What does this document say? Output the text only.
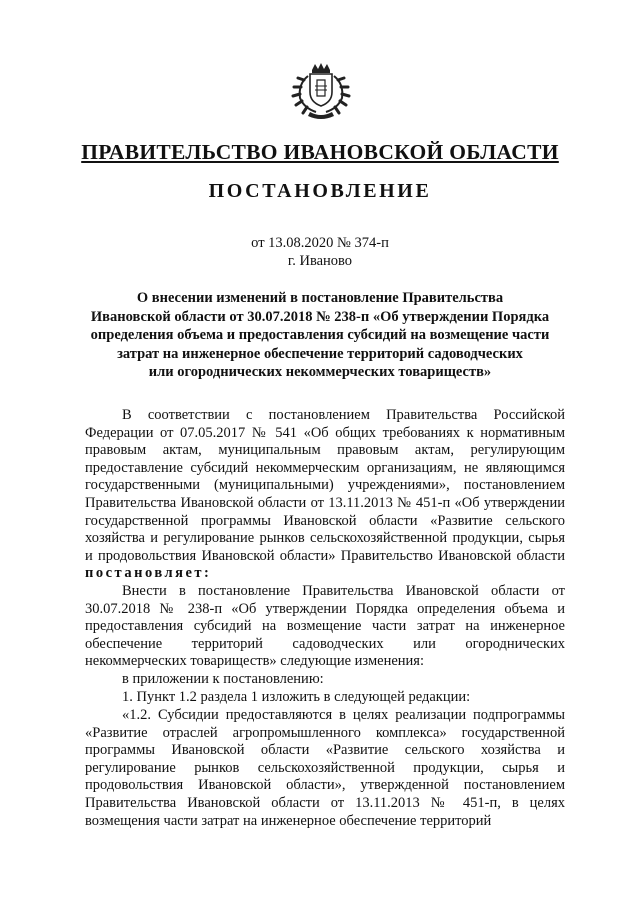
ПРАВИТЕЛЬСТВО ИВАНОВСКОЙ ОБЛАСТИ
ПОСТАНОВЛЕНИЕ
от 13.08.2020 № 374-п
г. Иваново
О внесении изменений в постановление Правительства
Ивановской области от 30.07.2018 № 238-п «Об утверждении Порядка
определения объема и предоставления субсидий на возмещение части
затрат на инженерное обеспечение территорий садоводческих
или огороднических некоммерческих товариществ»
В соответствии с постановлением Правительства Российской Федерации от 07.05.2017 № 541 «Об общих требованиях к нормативным правовым актам, муниципальным правовым актам, регулирующим предоставление субсидий некоммерческим организациям, не являющимся государственными (муниципальными) учреждениями», постановлением Правительства Ивановской области от 13.11.2013 № 451-п «Об утверждении государственной программы Ивановской области «Развитие сельского хозяйства и регулирование рынков сельскохозяйственной продукции, сырья и продовольствия Ивановской области» Правительство Ивановской области постановляет:
Внести в постановление Правительства Ивановской области от 30.07.2018 № 238-п «Об утверждении Порядка определения объема и предоставления субсидий на возмещение части затрат на инженерное обеспечение территорий садоводческих или огороднических некоммерческих товариществ» следующие изменения:
в приложении к постановлению:
1. Пункт 1.2 раздела 1 изложить в следующей редакции:
«1.2. Субсидии предоставляются в целях реализации подпрограммы «Развитие отраслей агропромышленного комплекса» государственной программы Ивановской области «Развитие сельского хозяйства и регулирование рынков сельскохозяйственной продукции, сырья и продовольствия Ивановской области», утвержденной постановлением Правительства Ивановской области от 13.11.2013 № 451-п, в целях возмещения части затрат на инженерное обеспечение территорий
